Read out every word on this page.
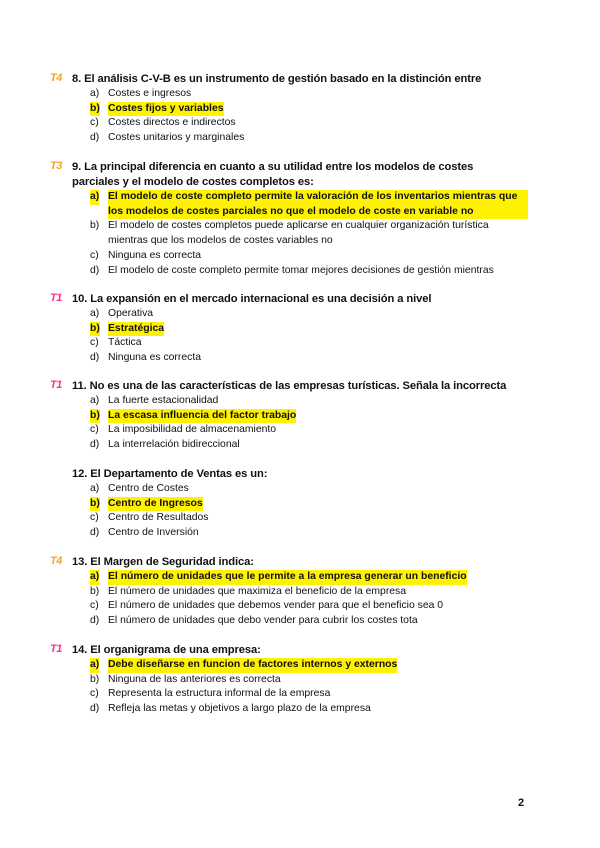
T4 8. El análisis C-V-B es un instrumento de gestión basado en la distinción entre
a) Costes e ingresos
b) Costes fijos y variables
c) Costes directos e indirectos
d) Costes unitarios y marginales
T3 9. La principal diferencia en cuanto a su utilidad entre los modelos de costes parciales y el modelo de costes completos es:
a) El modelo de coste completo permite la valoración de los inventarios mientras que los modelos de costes parciales no que el modelo de coste en variable no
b) El modelo de costes completos puede aplicarse en cualquier organización turística mientras que los modelos de costes variables no
c) Ninguna es correcta
d) El modelo de coste completo permite tomar mejores decisiones de gestión mientras
T1 10. La expansión en el mercado internacional es una decisión a nivel
a) Operativa
b) Estratégica
c) Táctica
d) Ninguna es correcta
T1 11. No es una de las características de las empresas turísticas. Señala la incorrecta
a) La fuerte estacionalidad
b) La escasa influencia del factor trabajo
c) La imposibilidad de almacenamiento
d) La interrelación bidireccional
12. El Departamento de Ventas es un:
a) Centro de Costes
b) Centro de Ingresos
c) Centro de Resultados
d) Centro de Inversión
T4 13. El Margen de Seguridad indica:
a) El número de unidades que le permite a la empresa generar un beneficio
b) El número de unidades que maximiza el beneficio de la empresa
c) El número de unidades que debemos vender para que el beneficio sea 0
d) El número de unidades que debo vender para cubrir los costes tota
T1 14. El organigrama de una empresa:
a) Debe diseñarse en funcion de factores internos y externos
b) Ninguna de las anteriores es correcta
c) Representa la estructura informal de la empresa
d) Refleja las metas y objetivos a largo plazo de la empresa
2
